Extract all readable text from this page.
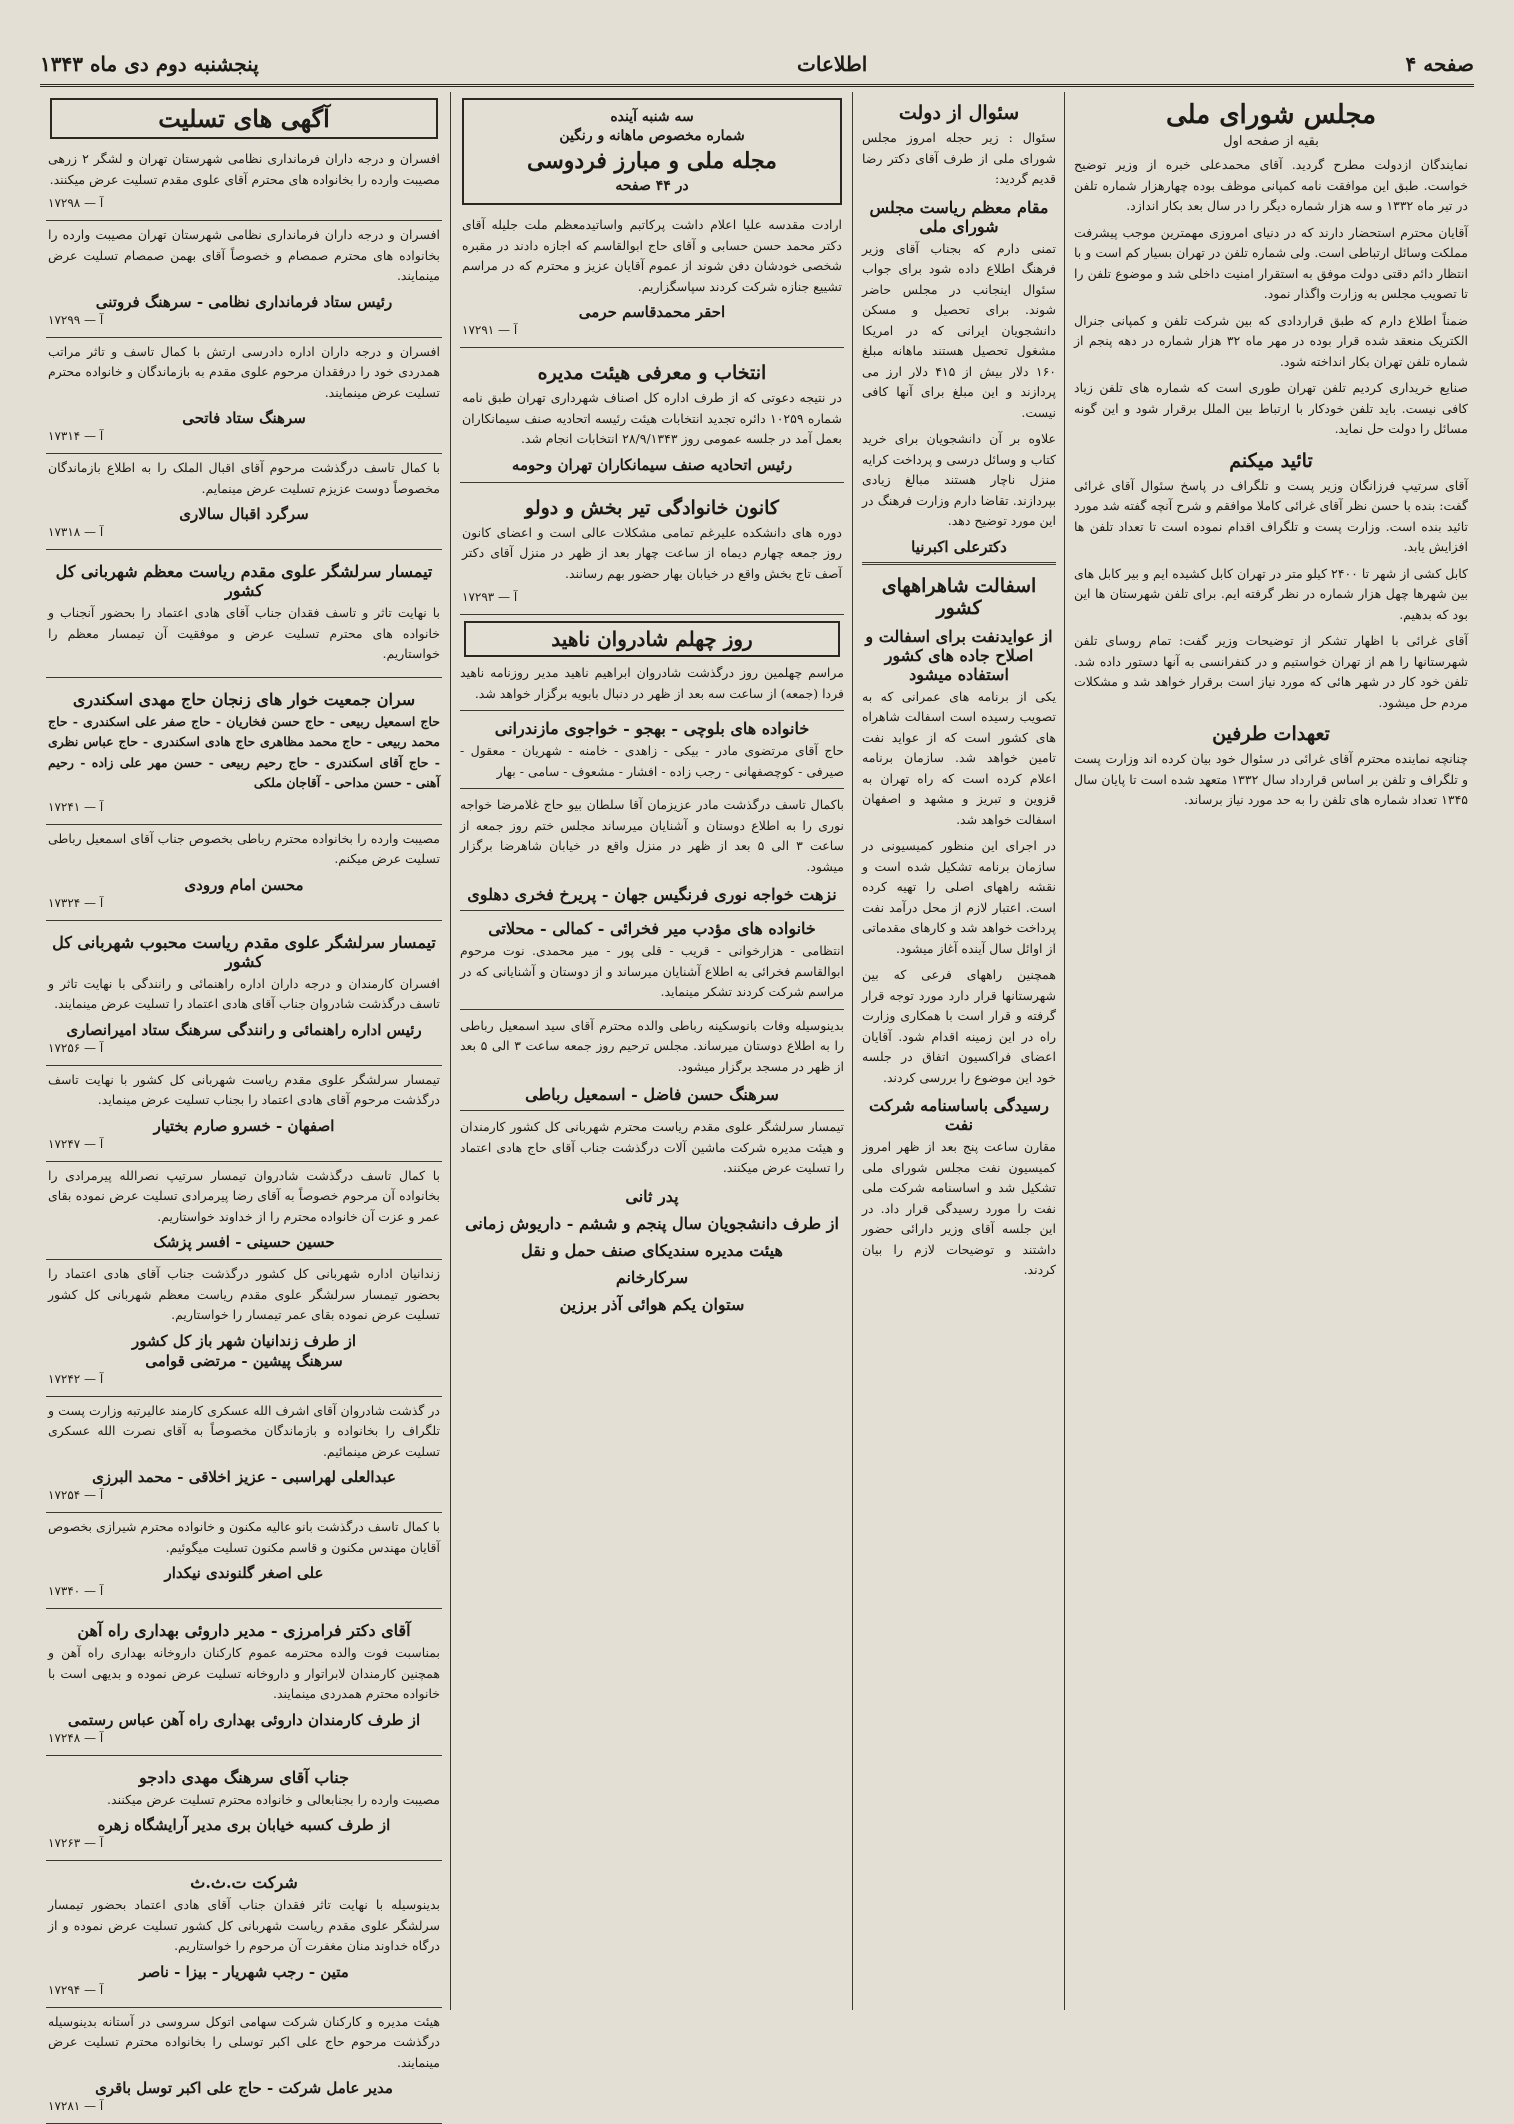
صفحه ۴
اطلاعات
پنجشنبه دوم دی ماه ۱۳۴۳
مجلس شورای ملی
بقیه از صفحه اول

نمایندگان ازدولت مطرح گردید. آقای محمدعلی خبره از وزیر توضیح خواست. طبق این موافقت نامه کمپانی موظف بوده چهارهزار شماره تلفن در تیر ماه ۱۳۳۲ و سه هزار شماره دیگر را در سال بعد بکار اندازد.

آقایان محترم استحضار دارند که در دنیای امروزی مهمترین موجب پیشرفت مملکت وسائل ارتباطی است. ولی شماره تلفن در تهران بسیار کم است و با انتظار دائم دقتی دولت موفق به استقرار امنیت داخلی شد و موضوع تلفن را تا تصویب مجلس به وزارت واگذار نمود.

ضمناً اطلاع دارم که طبق قراردادی که بین شرکت تلفن و کمپانی جنرال الکتریک منعقد شده قرار بوده در مهر ماه ۳۲ هزار شماره در دهه پنجم از شماره تلفن تهران بکار انداخته شود.

صنایع خریداری کردیم تلفن تهران طوری است که شماره های تلفن زیاد کافی نیست. باید تلفن خودکار با ارتباط بین الملل برقرار شود و این گونه مسائل را دولت حل نماید.

تائید میکنم

آقای سرتیپ فرزانگان وزیر پست و تلگراف در پاسخ سئوال آقای غرائی گفت: بنده با حسن نظر آقای غرائی کاملا موافقم و شرح آنچه گفته شد مورد تائید بنده است. وزارت پست و تلگراف اقدام نموده است تا تعداد تلفن ها افزایش یابد.

کابل کشی از شهر تا ۲۴۰۰ کیلو متر در تهران کابل کشیده ایم و بیر کابل های بین شهرها چهل هزار شماره در نظر گرفته ایم. برای تلفن شهرستان ها این بود که بدهیم.

آقای غرائی با اظهار تشکر از توضیحات وزیر گفت: تمام روسای تلفن شهرستانها را هم از تهران خواستیم و در کنفرانسی به آنها دستور داده شد. تلفن خود کار در شهر هائی که مورد نیاز است برقرار خواهد شد و مشکلات مردم حل میشود.

تعهدات طرفین

چنانچه نماینده محترم آقای غرائی در سئوال خود بیان کرده اند وزارت پست و تلگراف و تلفن بر اساس قرارداد سال ۱۳۳۲ متعهد شده است تا پایان سال ۱۳۴۵ تعداد شماره های تلفن را به حد مورد نیاز برساند.

سئوال از دولت

سئوال : زیر حجله امروز مجلس شورای ملی از طرف آقای دکتر رضا قدیم گردید:

مقام معظم ریاست مجلس شورای ملی

تمنی دارم که بجناب آقای وزیر فرهنگ اطلاع داده شود برای جواب سئوال اینجانب در مجلس حاضر شوند. برای تحصیل و مسکن دانشجویان ایرانی که در امریکا مشغول تحصیل هستند ماهانه مبلغ ۱۶۰ دلار بیش از ۴۱۵ دلار ارز می پردازند و این مبلغ برای آنها کافی نیست.

علاوه بر آن دانشجویان برای خرید کتاب و وسائل درسی و پرداخت کرایه منزل ناچار هستند مبالغ زیادی بپردازند. تقاضا دارم وزارت فرهنگ در این مورد توضیح دهد.

دکترعلی اکبرنیا
اسفالت شاهراههای کشور
از عوایدنفت برای اسفالت و اصلاح جاده های کشور استفاده میشود

یکی از برنامه های عمرانی که به تصویب رسیده است اسفالت شاهراه های کشور است که از عواید نفت تامین خواهد شد. سازمان برنامه اعلام کرده است که راه تهران به قزوین و تبریز و مشهد و اصفهان اسفالت خواهد شد.

در اجرای این منظور کمیسیونی در سازمان برنامه تشکیل شده است و نقشه راههای اصلی را تهیه کرده است. اعتبار لازم از محل درآمد نفت پرداخت خواهد شد و کارهای مقدماتی از اوائل سال آینده آغاز میشود.

همچنین راههای فرعی که بین شهرستانها قرار دارد مورد توجه قرار گرفته و قرار است با همکاری وزارت راه در این زمینه اقدام شود. آقایان اعضای فراکسیون اتفاق در جلسه خود این موضوع را بررسی کردند.

رسیدگی باساسنامه شرکت نفت

مقارن ساعت پنج بعد از ظهر امروز کمیسیون نفت مجلس شورای ملی تشکیل شد و اساسنامه شرکت ملی نفت را مورد رسیدگی قرار داد. در این جلسه آقای وزیر دارائی حضور داشتند و توضیحات لازم را بیان کردند.

سه شنبه آینده
شماره مخصوص ماهانه و رنگین
مجله ملی و مبارز فردوسی
در ۴۴ صفحه

ارادت مقدسه علیا اعلام داشت پرکاتبم واساتیدمعظم ملت جلیله آقای دکتر محمد حسن حسابی و آقای حاج ابوالقاسم که اجازه دادند در مقبره شخصی خودشان دفن شوند از عموم آقایان عزیز و محترم که در مراسم تشییع جنازه شرکت کردند سپاسگزاریم.

احقر محمدقاسم حرمی
آ — ۱۷۲۹۱
انتخاب و معرفی هیئت مدیره

در نتیجه دعوتی که از طرف اداره کل اصناف شهرداری تهران طبق نامه شماره ۱۰۲۵۹ دائره تجدید انتخابات هیئت رئیسه اتحادیه صنف سیمانکاران بعمل آمد در جلسه عمومی روز ۲۸/۹/۱۳۴۳ انتخابات انجام شد.

رئیس اتحادیه صنف سیمانکاران تهران وحومه
کانون خانوادگی تیر بخش و دولو

دوره های دانشکده علیرغم تمامی مشکلات عالی است و اعضای کانون روز جمعه چهارم دیماه از ساعت چهار بعد از ظهر در منزل آقای دکتر آصف تاج بخش واقع در خیابان بهار حضور بهم رسانند.

۱۷۲۹۳ — آ
روز چهلم شادروان ناهید

مراسم چهلمین روز درگذشت شادروان ابراهیم ناهید مدیر روزنامه ناهید فردا (جمعه) از ساعت سه بعد از ظهر در دنبال بابویه برگزار خواهد شد.

خانواده های بلوچی - بهجو - خواجوی مازندرانی

حاج آقای مرتضوی مادر - بیکی - زاهدی - خامنه - شهریان - معقول - صیرفی - کوچصفهانی - رجب زاده - افشار - مشعوف - سامی - بهار

باکمال تاسف درگذشت مادر عزیزمان آقا سلطان بیو حاج غلامرضا خواجه نوری را به اطلاع دوستان و آشنایان میرساند مجلس ختم روز جمعه از ساعت ۳ الی ۵ بعد از ظهر در منزل واقع در خیابان شاهرضا برگزار میشود.

نزهت خواجه نوری فرنگیس جهان - پریرخ فخری دهلوی
خانواده های مؤدب میر فخرائی - کمالی - محلاتی

انتظامی - هزارخوانی - قریب - قلی پور - میر محمدی. نوت مرحوم ابوالقاسم فخرائی به اطلاع آشنایان میرساند و از دوستان و آشنایانی که در مراسم شرکت کردند تشکر مینماید.

بدینوسیله وفات بانوسکینه رباطی والده محترم آقای سید اسمعیل رباطی را به اطلاع دوستان میرساند. مجلس ترحیم روز جمعه ساعت ۳ الی ۵ بعد از ظهر در مسجد برگزار میشود.

سرهنگ حسن فاضل - اسمعیل رباطی

تیمسار سرلشگر علوی مقدم ریاست محترم شهربانی کل کشور کارمندان و هیئت مدیره شرکت ماشین آلات درگذشت جناب آقای حاج هادی اعتماد را تسلیت عرض میکنند.

پدر ثانی
از طرف دانشجویان سال پنجم و ششم - داریوش زمانی
هیئت مدیره سندیکای صنف حمل و نقل
سرکارخانم
ستوان یکم هوائی آذر برزین
آگهی های تسلیت

افسران و درجه داران فرمانداری نظامی شهرستان تهران و لشگر ۲ زرهی مصیبت وارده را بخانواده های محترم آقای علوی مقدم تسلیت عرض میکنند.

آ — ۱۷۲۹۸

افسران و درجه داران فرمانداری نظامی شهرستان تهران مصیبت وارده را بخانواده های محترم صمصام و خصوصاً آقای بهمن صمصام تسلیت عرض مینمایند.

رئیس ستاد فرمانداری نظامی - سرهنگ فروتنی
آ — ۱۷۲۹۹

افسران و درجه داران اداره دادرسی ارتش با کمال تاسف و تاثر مراتب همدردی خود را درفقدان مرحوم علوی مقدم به بازماندگان و خانواده محترم تسلیت عرض مینمایند.

سرهنگ ستاد فاتحی
آ — ۱۷۳۱۴

با کمال تاسف درگذشت مرحوم آقای اقبال الملک را به اطلاع بازماندگان مخصوصاً دوست عزیزم تسلیت عرض مینمایم.

سرگرد اقبال سالاری
آ — ۱۷۳۱۸
تیمسار سرلشگر علوی مقدم ریاست معظم شهربانی کل کشور

با نهایت تاثر و تاسف فقدان جناب آقای هادی اعتماد را بحضور آنجناب و خانواده های محترم تسلیت عرض و موفقیت آن تیمسار معظم را خواستاریم.

سران جمعیت خوار های زنجان حاج مهدی اسکندری

حاج اسمعیل ربیعی - حاج حسن فخاریان - حاج صفر علی اسکندری - حاج محمد ربیعی - حاج محمد مظاهری حاج هادی اسکندری - حاج عباس نظری - حاج آقای اسکندری - حاج رحیم ربیعی - حسن مهر علی زاده - رحیم آهنی - حسن مداحی - آقاجان ملکی

آ — ۱۷۲۴۱

مصیبت وارده را بخانواده محترم رباطی بخصوص جناب آقای اسمعیل رباطی تسلیت عرض میکنم.

محسن امام ورودی
آ — ۱۷۳۲۴
تیمسار سرلشگر علوی مقدم ریاست محبوب شهربانی کل کشور

افسران کارمندان و درجه داران اداره راهنمائی و رانندگی با نهایت تاثر و تاسف درگذشت شادروان جناب آقای هادی اعتماد را تسلیت عرض مینمایند.

رئیس اداره راهنمائی و رانندگی سرهنگ ستاد امیرانصاری
آ — ۱۷۲۵۶

تیمسار سرلشگر علوی مقدم ریاست شهربانی کل کشور با نهایت تاسف درگذشت مرحوم آقای هادی اعتماد را بجناب تسلیت عرض مینماید.

اصفهان - خسرو صارم بختیار
آ — ۱۷۲۴۷

با کمال تاسف درگذشت شادروان تیمسار سرتیپ نصرالله پیرمرادی را بخانواده آن مرحوم خصوصاً به آقای رضا پیرمرادی تسلیت عرض نموده بقای عمر و عزت آن خانواده محترم را از خداوند خواستاریم.

حسین حسینی - افسر پزشک

زندانیان اداره شهربانی کل کشور درگذشت جناب آقای هادی اعتماد را بحضور تیمسار سرلشگر علوی مقدم ریاست معظم شهربانی کل کشور تسلیت عرض نموده بقای عمر تیمسار را خواستاریم.

از طرف زندانیان شهر باز کل کشور
سرهنگ پیشین - مرتضی قوامی
آ — ۱۷۲۴۲

در گذشت شادروان آقای اشرف الله عسکری کارمند عالیرتبه وزارت پست و تلگراف را بخانواده و بازماندگان مخصوصاً به آقای نصرت الله عسکری تسلیت عرض مینمائیم.

عبدالعلی لهراسبی - عزیز اخلاقی - محمد البرزی
آ — ۱۷۲۵۴

با کمال تاسف درگذشت بانو عالیه مکنون و خانواده محترم شیرازی بخصوص آقایان مهندس مکنون و قاسم مکنون تسلیت میگوئیم.

علی اصغر گلنوندی نیکدار
آ — ۱۷۳۴۰
آقای دکتر فرامرزی - مدیر داروئی بهداری راه آهن

بمناسبت فوت والده محترمه عموم کارکنان داروخانه بهداری راه آهن و همچنین کارمندان لابراتوار و داروخانه تسلیت عرض نموده و بدیهی است با خانواده محترم همدردی مینمایند.

از طرف کارمندان داروئی بهداری راه آهن عباس رستمی
آ — ۱۷۲۴۸
جناب آقای سرهنگ مهدی دادجو

مصیبت وارده را بجنابعالی و خانواده محترم تسلیت عرض میکنند.

از طرف کسبه خیابان بری مدیر آرایشگاه زهره
آ — ۱۷۲۶۳
شرکت ت.ث.ث

بدینوسیله با نهایت تاثر فقدان جناب آقای هادی اعتماد بحضور تیمسار سرلشگر علوی مقدم ریاست شهربانی کل کشور تسلیت عرض نموده و از درگاه خداوند منان مغفرت آن مرحوم را خواستاریم.

متین - رجب شهریار - بیزا - ناصر
آ — ۱۷۲۹۴

هیئت مدیره و کارکنان شرکت سهامی اتوکل سروسی در آستانه بدینوسیله درگذشت مرحوم حاج علی اکبر توسلی را بخانواده محترم تسلیت عرض مینمایند.

مدیر عامل شرکت - حاج علی اکبر توسل باقری
آ — ۱۷۲۸۱
